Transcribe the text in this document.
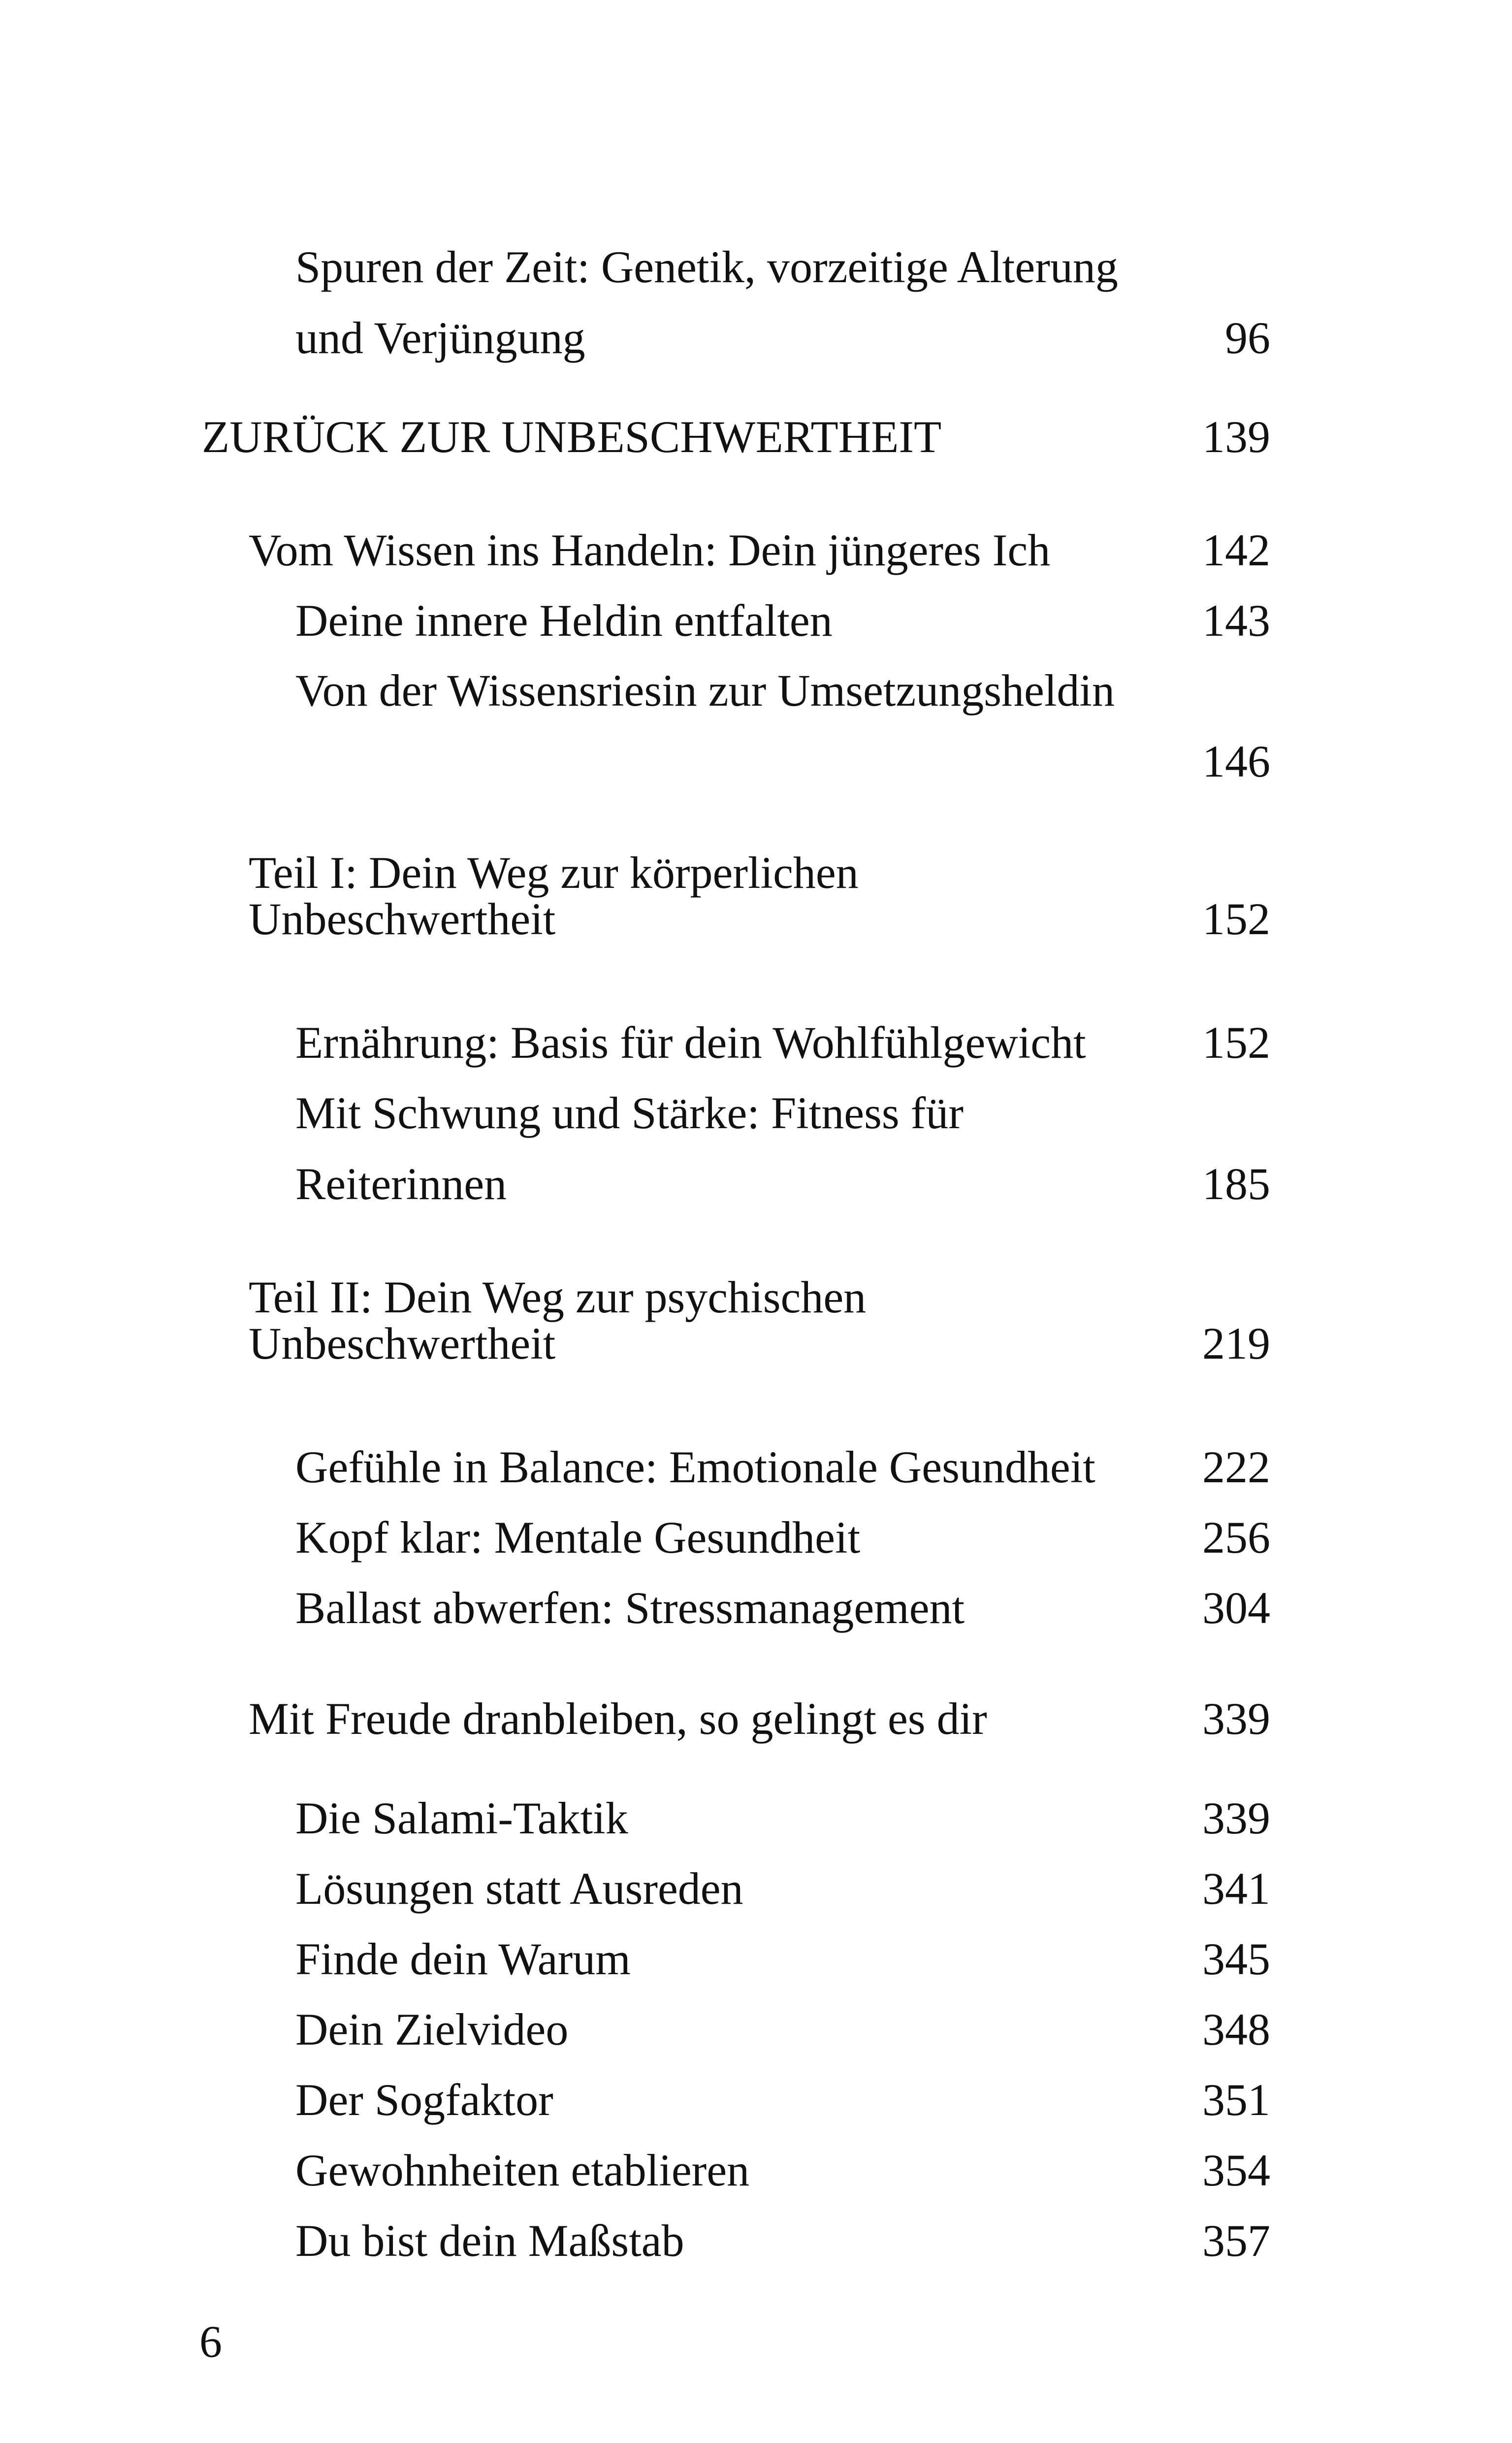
Spuren der Zeit: Genetik, vorzeitige Alterung
und Verjüngung	96
ZURÜCK ZUR UNBESCHWERTHEIT	139
Vom Wissen ins Handeln: Dein jüngeres Ich	142
Deine innere Heldin entfalten	143
Von der Wissensriesin zur Umsetzungsheldin
146
Teil I: Dein Weg zur körperlichen
Unbeschwertheit	152
Ernährung: Basis für dein Wohlfühlgewicht	152
Mit Schwung und Stärke: Fitness für
Reiterinnen	185
Teil II: Dein Weg zur psychischen
Unbeschwertheit	219
Gefühle in Balance: Emotionale Gesundheit 222
Kopf klar: Mentale Gesundheit	256
Ballast abwerfen: Stressmanagement	304
Mit Freude dranbleiben, so gelingt es dir	339
Die Salami-Taktik	339
Lösungen statt Ausreden	341
Finde dein Warum	345
Dein Zielvideo	348
Der Sogfaktor	351
Gewohnheiten etablieren	354
Du bist dein Maßstab	357
6
